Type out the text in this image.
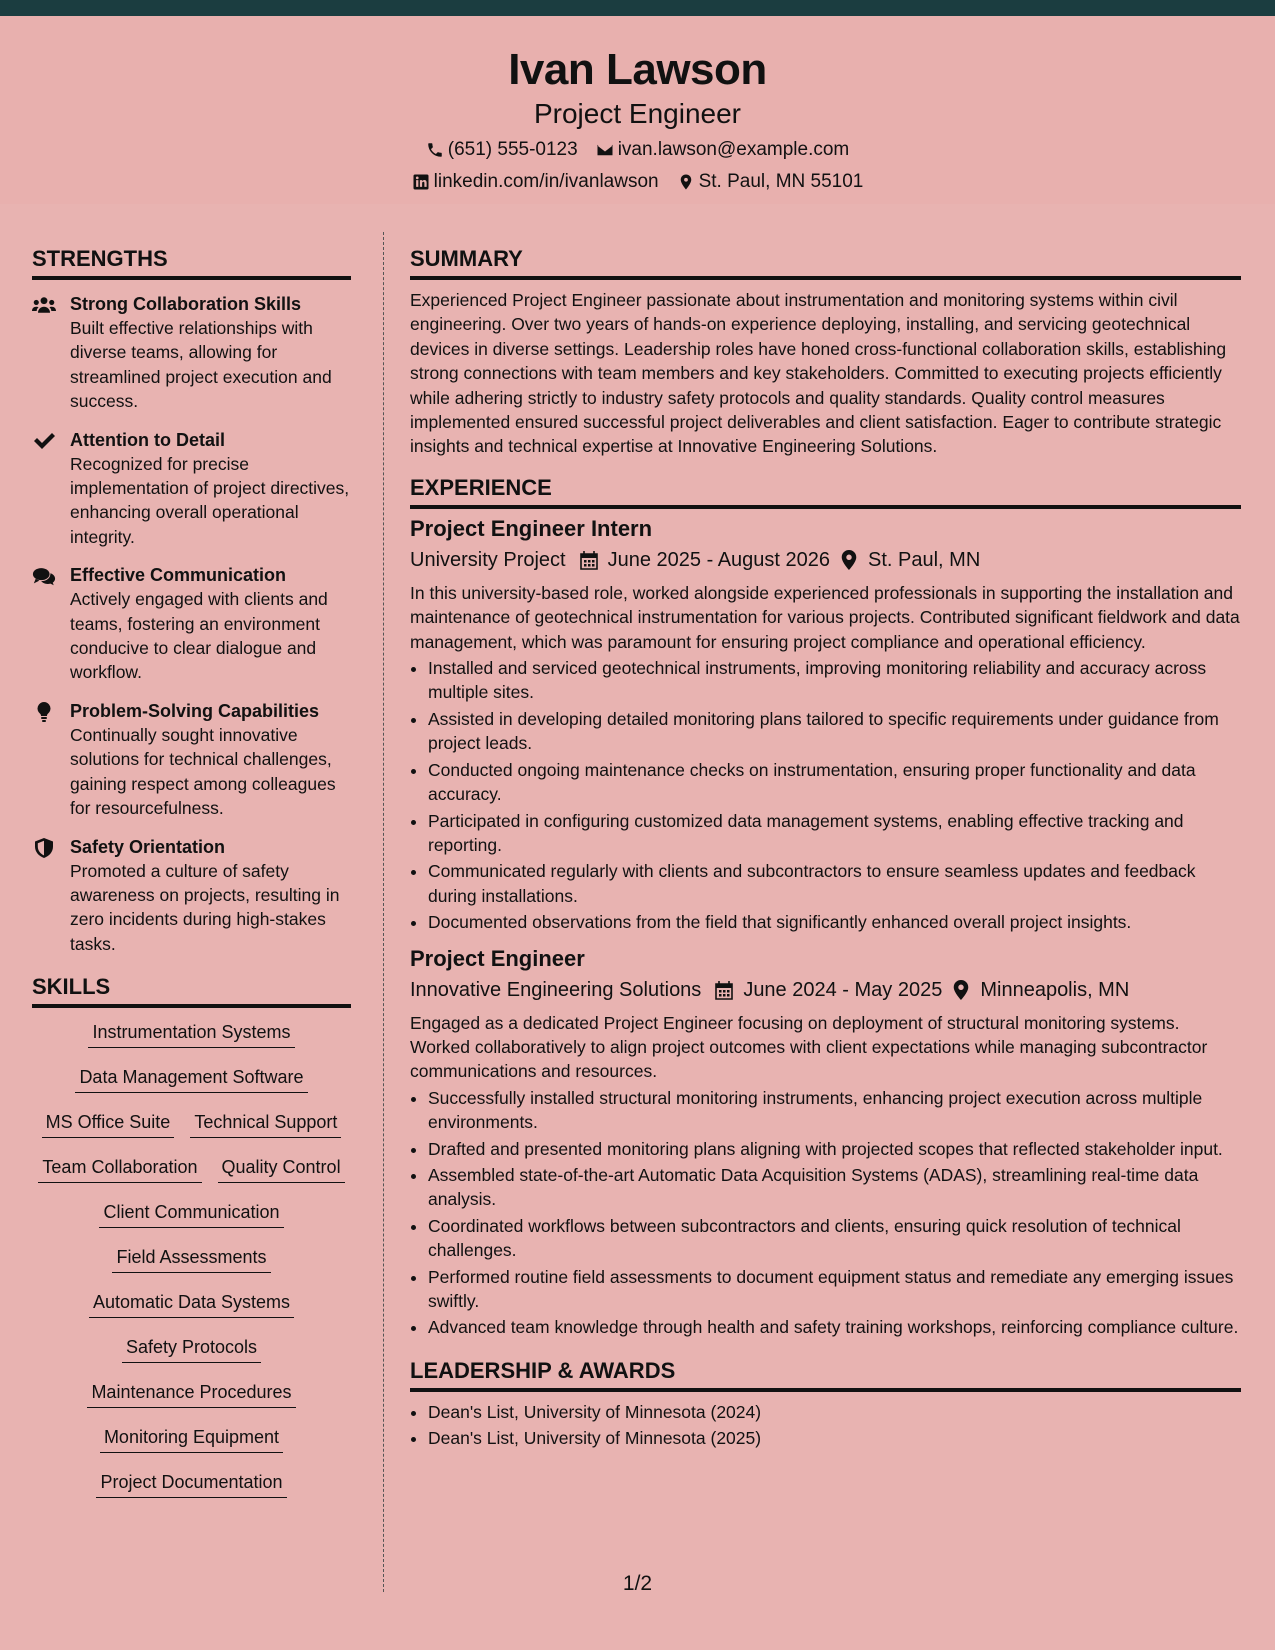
Ivan Lawson
Project Engineer
(651) 555-0123 ivan.lawson@example.com
linkedin.com/in/ivanlawson St. Paul, MN 55101
STRENGTHS
Strong Collaboration Skills
Built effective relationships with diverse teams, allowing for streamlined project execution and success.
Attention to Detail
Recognized for precise implementation of project directives, enhancing overall operational integrity.
Effective Communication
Actively engaged with clients and teams, fostering an environment conducive to clear dialogue and workflow.
Problem-Solving Capabilities
Continually sought innovative solutions for technical challenges, gaining respect among colleagues for resourcefulness.
Safety Orientation
Promoted a culture of safety awareness on projects, resulting in zero incidents during high-stakes tasks.
SKILLS
Instrumentation Systems
Data Management Software
MS Office Suite Technical Support
Team Collaboration Quality Control
Client Communication
Field Assessments
Automatic Data Systems
Safety Protocols
Maintenance Procedures
Monitoring Equipment
Project Documentation
SUMMARY

Experienced Project Engineer passionate about instrumentation and monitoring systems within civil engineering. Over two years of hands-on experience deploying, installing, and servicing geotechnical devices in diverse settings. Leadership roles have honed cross-functional collaboration skills, establishing strong connections with team members and key stakeholders. Committed to executing projects efficiently while adhering strictly to industry safety protocols and quality standards. Quality control measures implemented ensured successful project deliverables and client satisfaction. Eager to contribute strategic insights and technical expertise at Innovative Engineering Solutions.

EXPERIENCE
Project Engineer Intern
University Project June 2025 - August 2026 St. Paul, MN

In this university-based role, worked alongside experienced professionals in supporting the installation and maintenance of geotechnical instrumentation for various projects. Contributed significant fieldwork and data management, which was paramount for ensuring project compliance and operational efficiency.

• Installed and serviced geotechnical instruments, improving monitoring reliability and accuracy across multiple sites.
• Assisted in developing detailed monitoring plans tailored to specific requirements under guidance from project leads.
• Conducted ongoing maintenance checks on instrumentation, ensuring proper functionality and data accuracy.
• Participated in configuring customized data management systems, enabling effective tracking and reporting.
• Communicated regularly with clients and subcontractors to ensure seamless updates and feedback during installations.
• Documented observations from the field that significantly enhanced overall project insights.
Project Engineer
Innovative Engineering Solutions June 2024 - May 2025 Minneapolis, MN

Engaged as a dedicated Project Engineer focusing on deployment of structural monitoring systems. Worked collaboratively to align project outcomes with client expectations while managing subcontractor communications and resources.

• Successfully installed structural monitoring instruments, enhancing project execution across multiple environments.
• Drafted and presented monitoring plans aligning with projected scopes that reflected stakeholder input.
• Assembled state-of-the-art Automatic Data Acquisition Systems (ADAS), streamlining real-time data analysis.
• Coordinated workflows between subcontractors and clients, ensuring quick resolution of technical challenges.
• Performed routine field assessments to document equipment status and remediate any emerging issues swiftly.
• Advanced team knowledge through health and safety training workshops, reinforcing compliance culture.
LEADERSHIP & AWARDS
• Dean's List, University of Minnesota (2024)
• Dean's List, University of Minnesota (2025)
1/2
